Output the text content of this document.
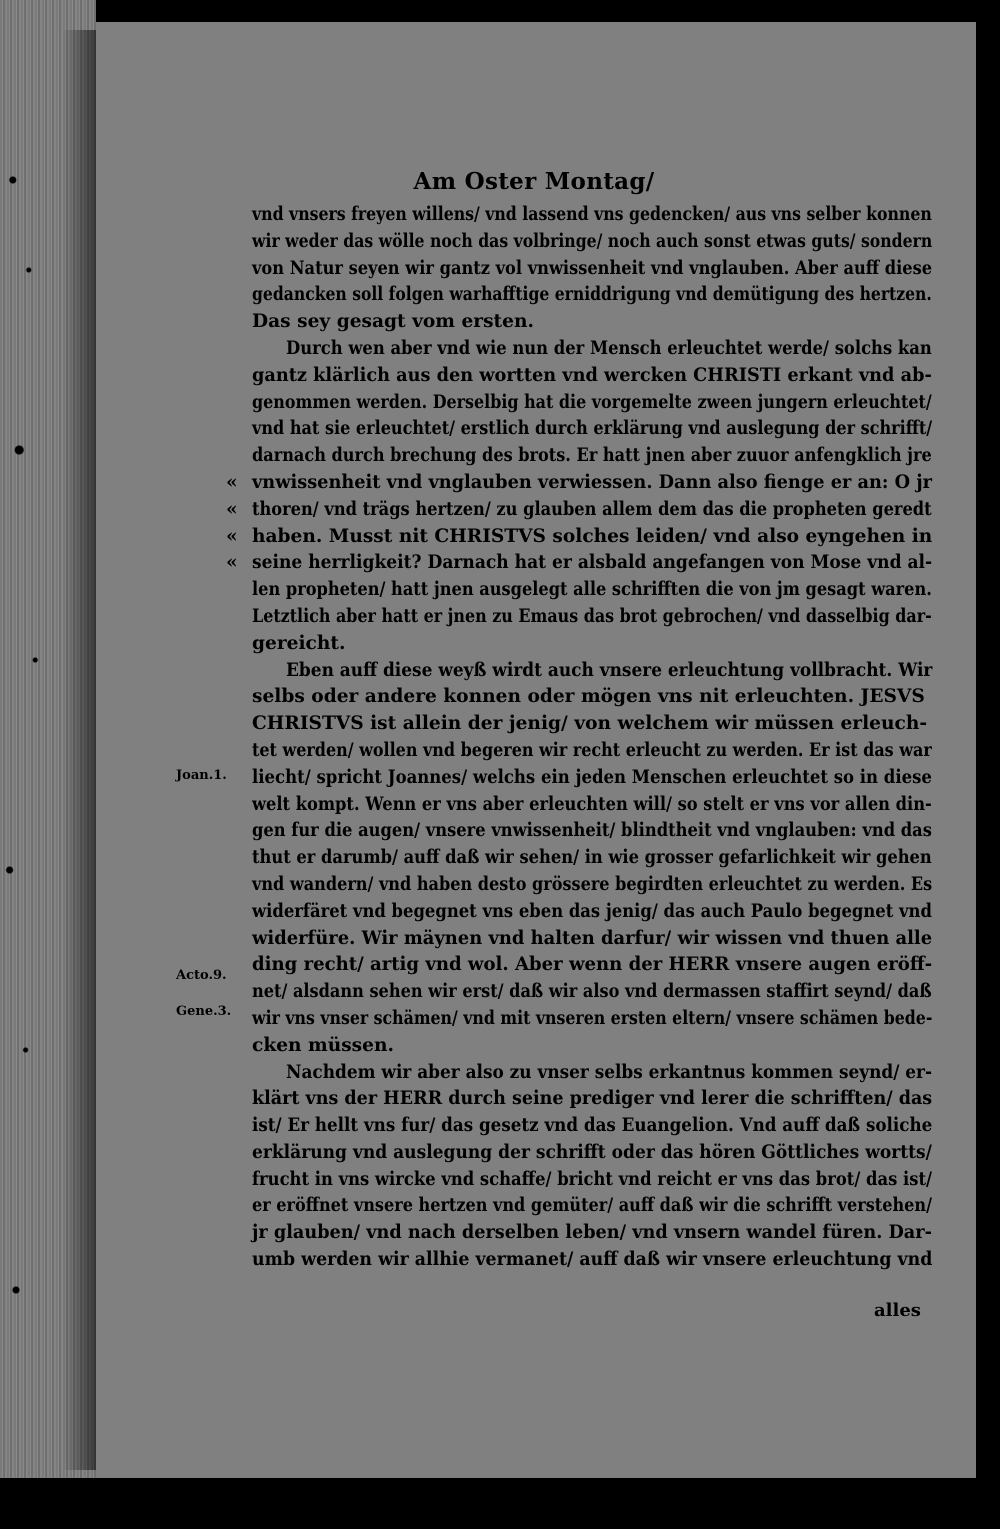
Am Oster Montag/
vnd vnsers freyen willens/ vnd lassend vns gedencken/ aus vns selber konnen
wir weder das wölle noch das volbringe/ noch auch sonst etwas guts/ sondern
von Natur seyen wir gantz vol vnwissenheit vnd vnglauben. Aber auff diese
gedancken soll folgen warhafftige erniddrigung vnd demütigung des hertzen.
Das sey gesagt vom ersten.
Durch wen aber vnd wie nun der Mensch erleuchtet werde/ solchs kan
gantz klärlich aus den wortten vnd wercken CHRISTI erkant vnd ab-
genommen werden. Derselbig hat die vorgemelte zween jungern erleuchtet/
vnd hat sie erleuchtet/ erstlich durch erklärung vnd auslegung der schrifft/
darnach durch brechung des brots. Er hatt jnen aber zuuor anfengklich jre
vnwissenheit vnd vnglauben verwiessen. Dann also fienge er an: O jr
thoren/ vnd trägs hertzen/ zu glauben allem dem das die propheten geredt
haben. Musst nit CHRISTVS solches leiden/ vnd also eyngehen in
seine herrligkeit? Darnach hat er alsbald angefangen von Mose vnd al-
len propheten/ hatt jnen ausgelegt alle schrifften die von jm gesagt waren.
Letztlich aber hatt er jnen zu Emaus das brot gebrochen/ vnd dasselbig dar-
gereicht.
Eben auff diese weyß wirdt auch vnsere erleuchtung vollbracht. Wir
selbs oder andere konnen oder mögen vns nit erleuchten. JESVS
CHRISTVS ist allein der jenig/ von welchem wir müssen erleuch-
tet werden/ wollen vnd begeren wir recht erleucht zu werden. Er ist das war
liecht/ spricht Joannes/ welchs ein jeden Menschen erleuchtet so in diese
welt kompt. Wenn er vns aber erleuchten will/ so stelt er vns vor allen din-
gen fur die augen/ vnsere vnwissenheit/ blindtheit vnd vnglauben: vnd das
thut er darumb/ auff daß wir sehen/ in wie grosser gefarlichkeit wir gehen
vnd wandern/ vnd haben desto grössere begirdten erleuchtet zu werden. Es
widerfäret vnd begegnet vns eben das jenig/ das auch Paulo begegnet vnd
widerfüre. Wir mäynen vnd halten darfur/ wir wissen vnd thuen alle
ding recht/ artig vnd wol. Aber wenn der HERR vnsere augen eröff-
net/ alsdann sehen wir erst/ daß wir also vnd dermassen staffirt seynd/ daß
wir vns vnser schämen/ vnd mit vnseren ersten eltern/ vnsere schämen bede-
cken müssen.
Nachdem wir aber also zu vnser selbs erkantnus kommen seynd/ er-
klärt vns der HERR durch seine prediger vnd lerer die schrifften/ das
ist/ Er hellt vns fur/ das gesetz vnd das Euangelion. Vnd auff daß soliche
erklärung vnd auslegung der schrifft oder das hören Göttliches wortts/
frucht in vns wircke vnd schaffe/ bricht vnd reicht er vns das brot/ das ist/
er eröffnet vnsere hertzen vnd gemüter/ auff daß wir die schrifft verstehen/
jr glauben/ vnd nach derselben leben/ vnd vnsern wandel füren. Dar-
umb werden wir allhie vermanet/ auff daß wir vnsere erleuchtung vnd
Joan.1.
Acto.9.
Gene.3.
alles
